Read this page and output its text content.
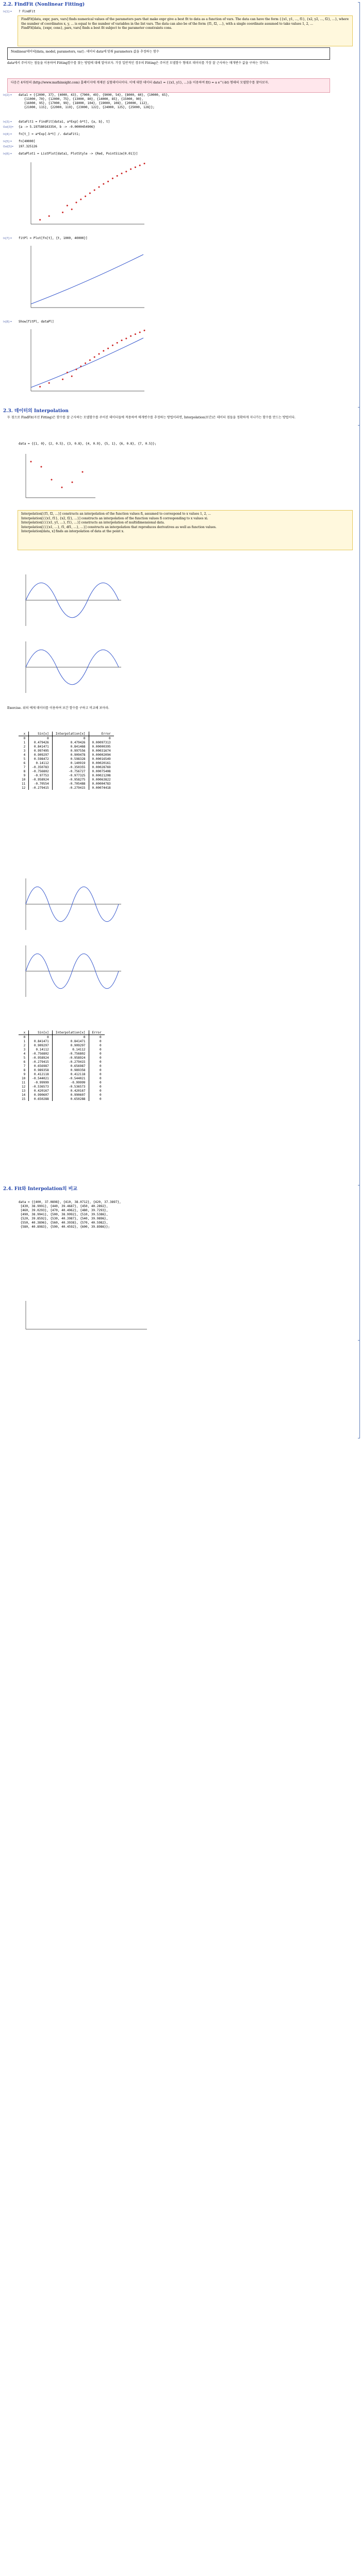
2.2. FindFit (Nonlinear Fitting)
In[1]:= ? FindFit
FindFit[data, expr, pars, vars] finds numerical values of the parameters pars that make expr give a best fit to data as a function of vars. The data can have the form {{x1, y1, ..., f1}, {x2, y2, ..., f2}, ...}, where the number of coordinates x, y, ... is equal to the number of variables in the list vars. The data can also be of the form {f1, f2, ...}, with a single coordinate assumed to take values 1, 2, ...
FindFit[data, {expr, cons}, pars, vars] finds a best fit subject to the parameter constraints cons.
Nonlinear데이터[data, model, parameters, var] : 데이터 data에 맞춰 parameters 값을 추정하는 함수
data에서 주어지는 점들을 이용하여 Fitting함수를 찾는 방법에 대해 알아보자. 가장 일반적인 경우의 Fitting은 주어진 모델함수 형태로 데이터를 가장 잘 근사하는 매개변수 값을 구하는 것이다.
다음은 4차원의 (http://www.mathinsight.com) 홈페이지에 게재된 실험데이터이다. 이에 대한 데이터 data1 = {{x1, y1}, ...}을 이용하여 f(t) = a e^(-bt) 형태의 모델함수를 찾아보자.
In[2]:= data1 = {{2000, 37}, {4000, 43}, {7000, 49}, {9000, 54}, {8000, 60}, {10000, 65},
{11000, 70}, {12000, 75}, {13000, 80}, {14000, 85}, {15000, 90},
{16000, 95}, {17000, 99}, {18000, 104}, {19000, 108}, {20000, 112},
{21000, 115}, {22000, 119}, {23000, 122}, {24000, 125}, {25000, 128}};
In[3]:= dataFit1 = FindFit[data1, a*Exp[-b*t], {a, b}, t]
Out[3]= {a -> 5.197580163354, b -> -0.0000454906}
In[4]:= fn[t_] = a*Exp[-b*t] /. dataFit1;
In[5]:= fn[40000]
Out[5]= 197.325126
In[6]:= dataPlot1 = ListPlot[data1, PlotStyle -> {Red, PointSize[0.01]}]
In[7]:= fitPl = Plot[fn[t], {t, 1000, 40000}]
In[8]:= Show[fitPl, dataPl]
2.3. 데이터의 Interpolation
두 점으로 FindFit(곡선 Fitting)은 함수를 잘 근사하는 모델함수를 주어진 데이터들에 적용하여 매개변수를 추정하는 방법이라면, Interpolation(보간)은 데이터 점들을 정확하게 지나가는 함수를 만드는 방법이다.
data = {{1, 0}, {2, 0.5}, {3, 0.8}, {4, 0.9}, {5, 1}, {6, 0.8}, {7, 0.5}};
Interpolation[{f1, f2, ...}] constructs an interpolation of the function values fi, assumed to correspond to x values 1, 2, ...
Interpolation[{{x1, f1}, {x2, f2}, ...}] constructs an interpolation of the function values fi corresponding to x values xi.
Interpolation[{{{x1, y1, ...}, f1}, ...}] constructs an interpolation of multidimensional data.
Interpolation[{{{x1, ...}, f1, df1, ...}, ...}] constructs an interpolation that reproduces derivatives as well as function values.
Interpolation[data, x] finds an interpolation of data at the point x.
Exercise. 위의 예제 데이터를 이용하여 보간 함수를 구하고 비교해 보아라.
x	Sin[x]	Interpolation[x]	Error
0	0	0	0
1	0.479426	0.479426	0.00097313
2	0.841471	0.841468	0.00000395
3	0.997495	0.997556	0.00031674
4	0.909297	0.909478	0.00002094
5	0.598472	0.598328	0.00016549
6	0.14112	0.140919	0.00020161
7	-0.350783	-0.350355	0.00028769
8	-0.756802	-0.756727	0.00075408
9	-0.97753	-0.977325	0.00021208
10	-0.958924	-0.958275	0.00063822
11	-0.70554	-0.705488	0.00004783
12	-0.279415	-0.279415	0.00074418
x	Sin[x]	Interpolation[x]	Error
0	0	0	0
1	0.841471	0.841471	0
2	0.909297	0.909297	0
3	0.14112	0.14112	0
4	-0.756802	-0.756802	0
5	-0.958924	-0.958924	0
6	-0.279415	-0.279415	0
7	0.656987	0.656987	0
8	0.989358	0.989358	0
9	0.412118	0.412118	0
10	-0.544021	-0.544021	0
11	-0.99999	-0.99999	0
12	-0.536573	-0.536573	0
13	0.420167	0.420167	0
14	0.990607	0.990607	0
15	0.650288	0.650288	0
2.4. Fit와 Interpolation의 비교
data = {{400, 37.0898}, {410, 38.0712}, {420, 37.3897},
{430, 38.9991}, {440, 39.4687}, {450, 40.2892},
{460, 39.0293}, {470, 40.4962}, {480, 39.7293},
{490, 38.9941}, {500, 38.9992}, {510, 39.5386},
{520, 39.8592}, {530, 40.3987}, {540, 39.9896},
{550, 40.3896}, {560, 40.3938}, {570, 40.5982},
{580, 40.8983}, {590, 40.4592}, {600, 39.8986}};
